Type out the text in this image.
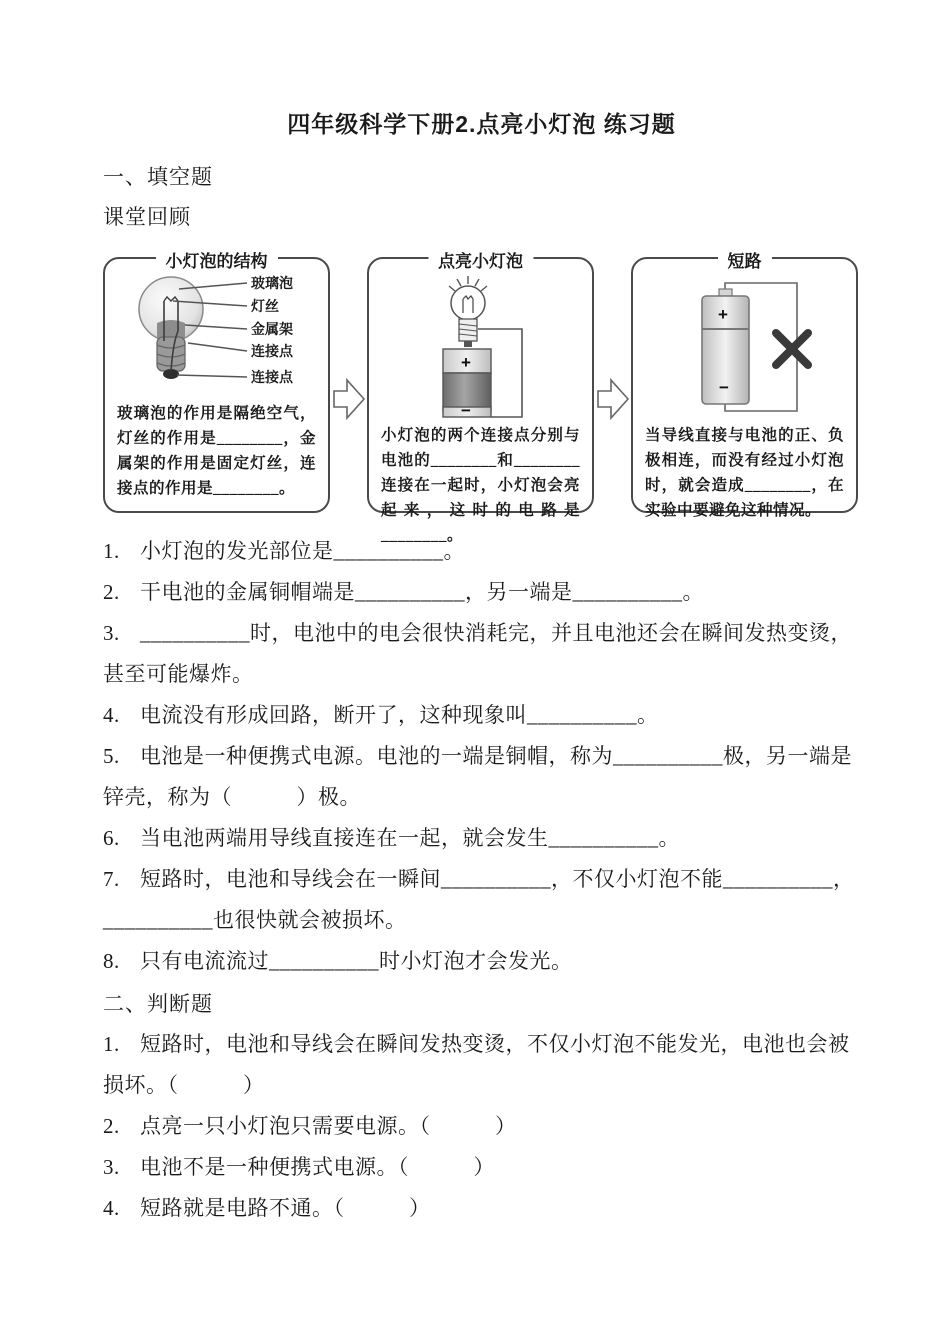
四年级科学下册2.点亮小灯泡 练习题
一、填空题
课堂回顾
小灯泡的结构
玻璃泡
灯丝
金属架
连接点
连接点
玻璃泡的作用是隔绝空气，灯丝的作用是________，金属架的作用是固定灯丝，连接点的作用是________。
点亮小灯泡
+
−
小灯泡的两个连接点分别与电池的________和________连接在一起时，小灯泡会亮起来，这时的电路是________。
短路
+
−
当导线直接与电池的正、负极相连，而没有经过小灯泡时，就会造成________，在实验中要避免这种情况。

1. 小灯泡的发光部位是__________。

2. 干电池的金属铜帽端是__________，另一端是__________。

3. __________时，电池中的电会很快消耗完，并且电池还会在瞬间发热变烫，甚至可能爆炸。

4. 电流没有形成回路，断开了，这种现象叫__________。

5. 电池是一种便携式电源。电池的一端是铜帽，称为__________极，另一端是锌壳，称为（　　　）极。

6. 当电池两端用导线直接连在一起，就会发生__________。

7. 短路时，电池和导线会在一瞬间__________，不仅小灯泡不能__________，__________也很快就会被损坏。

8. 只有电流流过__________时小灯泡才会发光。

二、判断题

1. 短路时，电池和导线会在瞬间发热变烫，不仅小灯泡不能发光，电池也会被损坏。（　　　）

2. 点亮一只小灯泡只需要电源。（　　　）

3. 电池不是一种便携式电源。（　　　）

4. 短路就是电路不通。（　　　）
